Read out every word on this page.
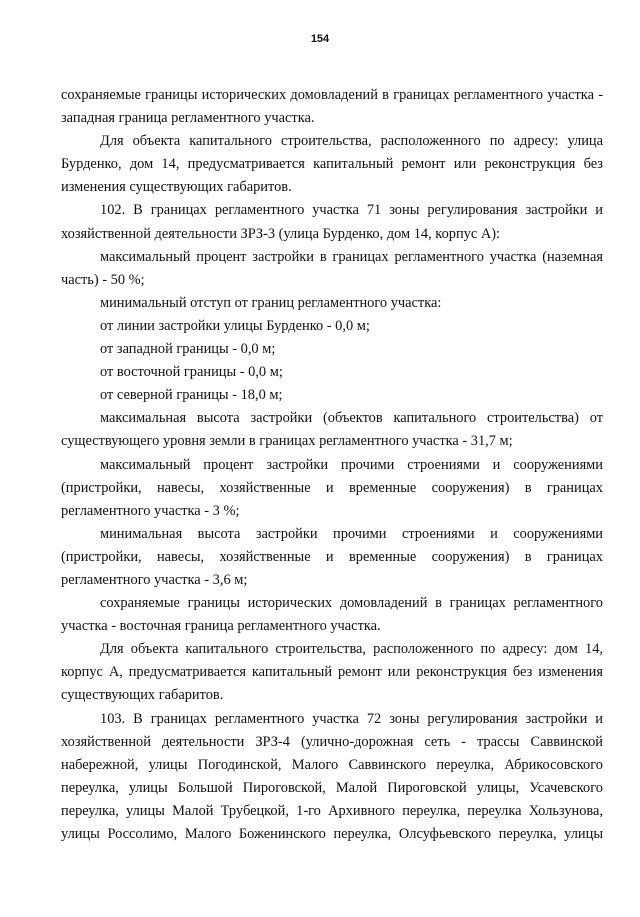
154

сохраняемые границы исторических домовладений в границах регламентного участка - западная граница регламентного участка.

Для объекта капитального строительства, расположенного по адресу: улица Бурденко, дом 14, предусматривается капитальный ремонт или реконструкция без изменения существующих габаритов.

102. В границах регламентного участка 71 зоны регулирования застройки и хозяйственной деятельности ЗРЗ-3 (улица Бурденко, дом 14, корпус А):

максимальный процент застройки в границах регламентного участка (наземная часть) - 50 %;

минимальный отступ от границ регламентного участка:

от линии застройки улицы Бурденко - 0,0 м;

от западной границы - 0,0 м;

от восточной границы - 0,0 м;

от северной границы - 18,0 м;

максимальная высота застройки (объектов капитального строительства) от существующего уровня земли в границах регламентного участка - 31,7 м;

максимальный процент застройки прочими строениями и сооружениями (пристройки, навесы, хозяйственные и временные сооружения) в границах регламентного участка - 3 %;

минимальная высота застройки прочими строениями и сооружениями (пристройки, навесы, хозяйственные и временные сооружения) в границах регламентного участка - 3,6 м;

сохраняемые границы исторических домовладений в границах регламентного участка - восточная граница регламентного участка.

Для объекта капитального строительства, расположенного по адресу: дом 14, корпус А, предусматривается капитальный ремонт или реконструкция без изменения существующих габаритов.

103. В границах регламентного участка 72 зоны регулирования застройки и хозяйственной деятельности ЗРЗ-4 (улично-дорожная сеть - трассы Саввинской набережной, улицы Погодинской, Малого Саввинского переулка, Абрикосовского переулка, улицы Большой Пироговской, Малой Пироговской улицы, Усачевского переулка, улицы Малой Трубецкой, 1-го Архивного переулка, переулка Хользунова, улицы Россолимо, Малого Боженинского переулка, Олсуфьевского переулка, улицы
